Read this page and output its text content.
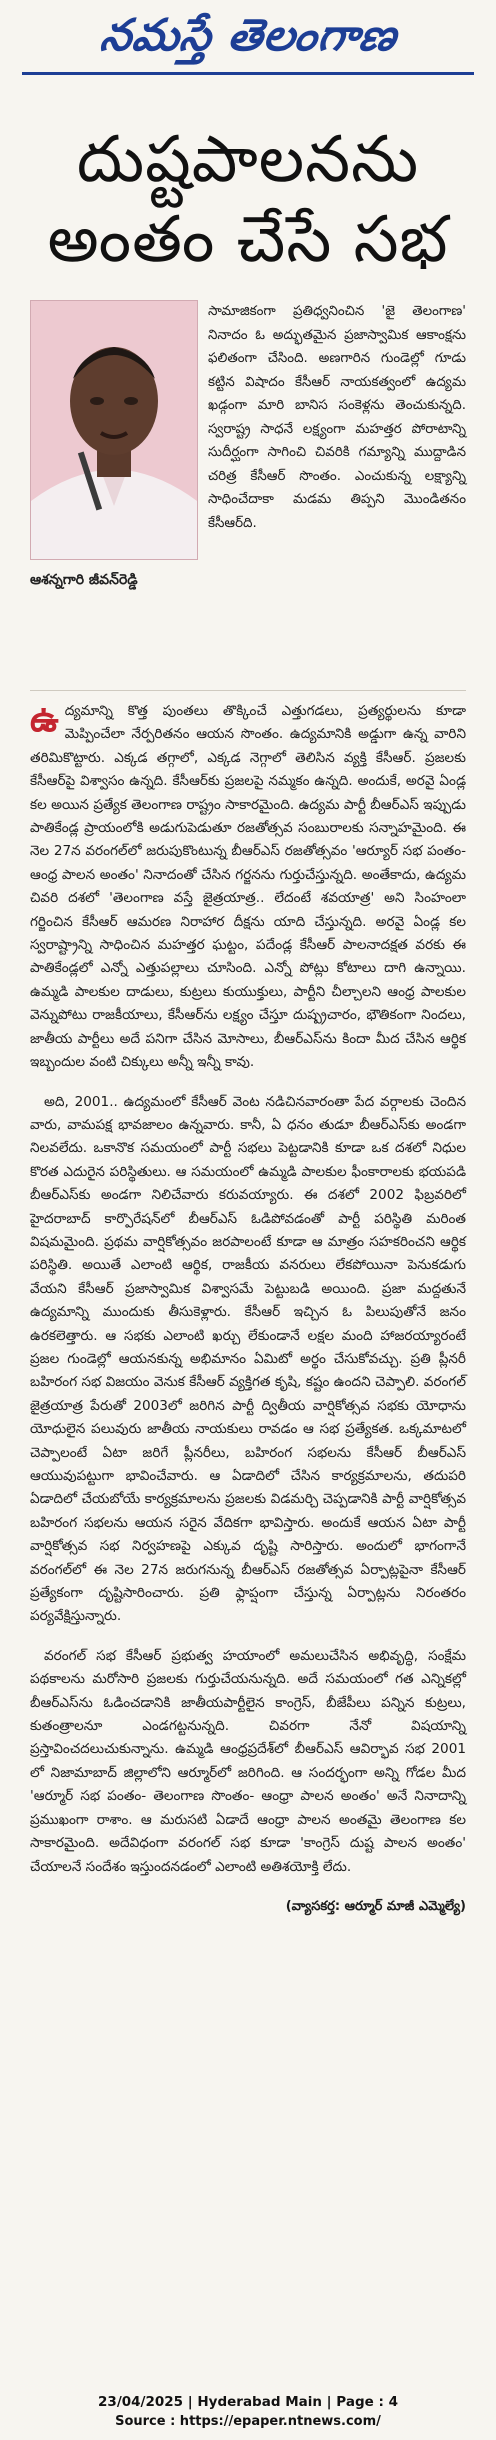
నమస్తే తెలంగాణ
దుష్టపాలనను
అంతం చేసే సభ
ఆశన్నగారి జీవన్‌రెడ్డి
సామాజికంగా ప్రతిధ్వనించిన 'జై తెలంగాణ' నినాదం ఓ అద్భుతమైన ప్రజాస్వామిక ఆకాంక్షను ఫలితంగా చేసింది. అణగారిన గుండెల్లో గూడు కట్టిన విషాదం కేసీఆర్ నాయకత్వంలో ఉద్యమ ఖడ్గంగా మారి బానిస సంకెళ్లను తెంచుకున్నది. స్వరాష్ట్ర సాధనే లక్ష్యంగా మహత్తర పోరాటాన్ని సుదీర్ఘంగా సాగించి చివరికి గమ్యాన్ని ముద్దాడిన చరిత్ర కేసీఆర్ సొంతం. ఎంచుకున్న లక్ష్యాన్ని సాధించేదాకా మడమ తిప్పని మొండితనం కేసీఆర్‌ది.

ఉద్యమాన్ని కొత్త పుంతలు తొక్కించే ఎత్తుగడలు, ప్రత్యర్థులను కూడా మెప్పించేలా నేర్పరితనం ఆయన సొంతం. ఉద్యమానికి అడ్డుగా ఉన్న వారిని తరిమికొట్టారు. ఎక్కడ తగ్గాలో, ఎక్కడ నెగ్గాలో తెలిసిన వ్యక్తి కేసీఆర్. ప్రజలకు కేసీఆర్‌పై విశ్వాసం ఉన్నది. కేసీఆర్‌కు ప్రజలపై నమ్మకం ఉన్నది. అందుకే, అరవై ఏండ్ల కల అయిన ప్రత్యేక తెలంగాణ రాష్ట్రం సాకారమైంది. ఉద్యమ పార్టీ బీఆర్ఎస్ ఇప్పుడు పాతికేండ్ల ప్రాయంలోకి అడుగుపెడుతూ రజతోత్సవ సంబురాలకు సన్నాహమైంది. ఈ నెల 27న వరంగల్‌లో జరుపుకొంటున్న బీఆర్ఎస్ రజతోత్సవం 'ఆర్యూర్ సభ పంతం-ఆంధ్ర పాలన అంతం' నినాదంతో చేసిన గర్జనను గుర్తుచేస్తున్నది. అంతేకాదు, ఉద్యమ చివరి దశలో 'తెలంగాణ వస్తే జైత్రయాత్ర.. లేదంటే శవయాత్ర' అని సింహంలా గర్జించిన కేసీఆర్ ఆమరణ నిరాహార దీక్షను యాది చేస్తున్నది. అరవై ఏండ్ల కల స్వరాష్ట్రాన్ని సాధించిన మహత్తర ఘట్టం, పదేండ్ల కేసీఆర్ పాలనాదక్షత వరకు ఈ పాతికేండ్లలో ఎన్నో ఎత్తుపల్లాలు చూసింది. ఎన్నో పోట్లు కోటాలు దాగి ఉన్నాయి. ఉమ్మడి పాలకుల దాడులు, కుట్రలు కుయుక్తులు, పార్టీని చీల్చాలని ఆంధ్ర పాలకుల వెన్నుపోటు రాజకీయాలు, కేసీఆర్‌ను లక్ష్యం చేస్తూ దుష్ప్రచారం, భౌతికంగా నిందలు, జాతీయ పార్టీలు అదే పనిగా చేసిన మోసాలు, బీఆర్ఎస్‌ను కిందా మీద చేసిన ఆర్థిక ఇబ్బందుల వంటి చిక్కులు అన్నీ ఇన్నీ కావు.

అది, 2001.. ఉద్యమంలో కేసీఆర్ వెంట నడిచినవారంతా పేద వర్గాలకు చెందిన వారు, వామపక్ష భావజాలం ఉన్నవారు. కానీ, ఏ ధనం తుడూ బీఆర్ఎస్‌కు అండగా నిలవలేదు. ఒకానొక సమయంలో పార్టీ సభలు పెట్టడానికి కూడా ఒక దశలో నిధుల కొరత ఎదురైన పరిస్థితులు. ఆ సమయంలో ఉమ్మడి పాలకుల ఫీంకారాలకు భయపడి బీఆర్ఎస్‌కు అండగా నిలిచేవారు కరువయ్యారు. ఈ దశలో 2002 ఫిబ్రవరిలో హైదరాబాద్ కార్పొరేషన్‌లో బీఆర్ఎస్ ఓడిపోవడంతో పార్టీ పరిస్థితి మరింత విషమమైంది. ప్రథమ వార్షికోత్సవం జరపాలంటే కూడా ఆ మాత్రం సహకరించని ఆర్థిక పరిస్థితి. అయితే ఎలాంటి ఆర్థిక, రాజకీయ వనరులు లేకపోయినా పెనుకడుగు వేయని కేసీఆర్ ప్రజాస్వామిక విశ్వాసమే పెట్టుబడి అయింది. ప్రజా మద్దతునే ఉద్యమాన్ని ముందుకు తీసుకెళ్లారు. కేసీఆర్ ఇచ్చిన ఓ పిలుపుతోనే జనం ఉరకలెత్తారు. ఆ సభకు ఎలాంటి ఖర్చు లేకుండానే లక్షల మంది హాజరయ్యారంటే ప్రజల గుండెల్లో ఆయనకున్న అభిమానం ఏమిటో అర్థం చేసుకోవచ్చు. ప్రతి ప్లీనరీ బహిరంగ సభ విజయం వెనుక కేసీఆర్ వ్యక్తిగత కృషి, కష్టం ఉందని చెప్పాలి. వరంగల్ జైత్రయాత్ర పేరుతో 2003లో జరిగిన పార్టీ ద్వితీయ వార్షికోత్సవ సభకు యోధాను యోధులైన పలువురు జాతీయ నాయకులు రావడం ఆ సభ ప్రత్యేకత. ఒక్కమాటలో చెప్పాలంటే ఏటా జరిగే ప్లీనరీలు, బహిరంగ సభలను కేసీఆర్ బీఆర్ఎస్ ఆయువుపట్టుగా భావించేవారు. ఆ ఏడాదిలో చేసిన కార్యక్రమాలను, తదుపరి ఏడాదిలో చేయబోయే కార్యక్రమాలను ప్రజలకు విడమర్చి చెప్పడానికి పార్టీ వార్షికోత్సవ బహిరంగ సభలను ఆయన సరైన వేదికగా భావిస్తారు. అందుకే ఆయన ఏటా పార్టీ వార్షికోత్సవ సభ నిర్వహణపై ఎక్కువ దృష్టి సారిస్తారు. అందులో భాగంగానే వరంగల్‌లో ఈ నెల 27న జరుగనున్న బీఆర్ఎస్ రజతోత్సవ ఏర్పాట్లపైనా కేసీఆర్ ప్రత్యేకంగా దృష్టిసారించారు. ప్రతి ఫ్లాప్షంగా చేస్తున్న ఏర్పాట్లను నిరంతరం పర్యవేక్షిస్తున్నారు.

వరంగల్ సభ కేసీఆర్ ప్రభుత్వ హయాంలో అమలుచేసిన అభివృద్ధి, సంక్షేమ పథకాలను మరోసారి ప్రజలకు గుర్తుచేయనున్నది. అదే సమయంలో గత ఎన్నికల్లో బీఆర్ఎస్‌ను ఓడించడానికి జాతీయపార్టీలైన కాంగ్రెస్, బీజేపీలు పన్నిన కుట్రలు, కుతంత్రాలనూ ఎండగట్టనున్నది. చివరగా నేనో విషయాన్ని ప్రస్తావించదలుచుకున్నాను. ఉమ్మడి ఆంధ్రప్రదేశ్‌లో బీఆర్ఎస్ ఆవిర్భావ సభ 2001 లో నిజామాబాద్ జిల్లాలోని ఆర్మూర్‌లో జరిగింది. ఆ సందర్భంగా అన్ని గోడల మీద 'ఆర్మూర్ సభ పంతం- తెలంగాణ సొంతం- ఆంధ్రా పాలన అంతం' అనే నినాదాన్ని ప్రముఖంగా రాశాం. ఆ మరుసటి ఏడాదే ఆంధ్రా పాలన అంతమై తెలంగాణ కల సాకారమైంది. అదేవిధంగా వరంగల్ సభ కూడా 'కాంగ్రెస్ దుష్ట పాలన అంతం' చేయాలనే సందేశం ఇస్తుందనడంలో ఎలాంటి అతిశయోక్తి లేదు.

(వ్యాసకర్త: ఆర్మూర్ మాజీ ఎమ్మెల్యే)
23/04/2025 | Hyderabad Main | Page : 4
Source : https://epaper.ntnews.com/
